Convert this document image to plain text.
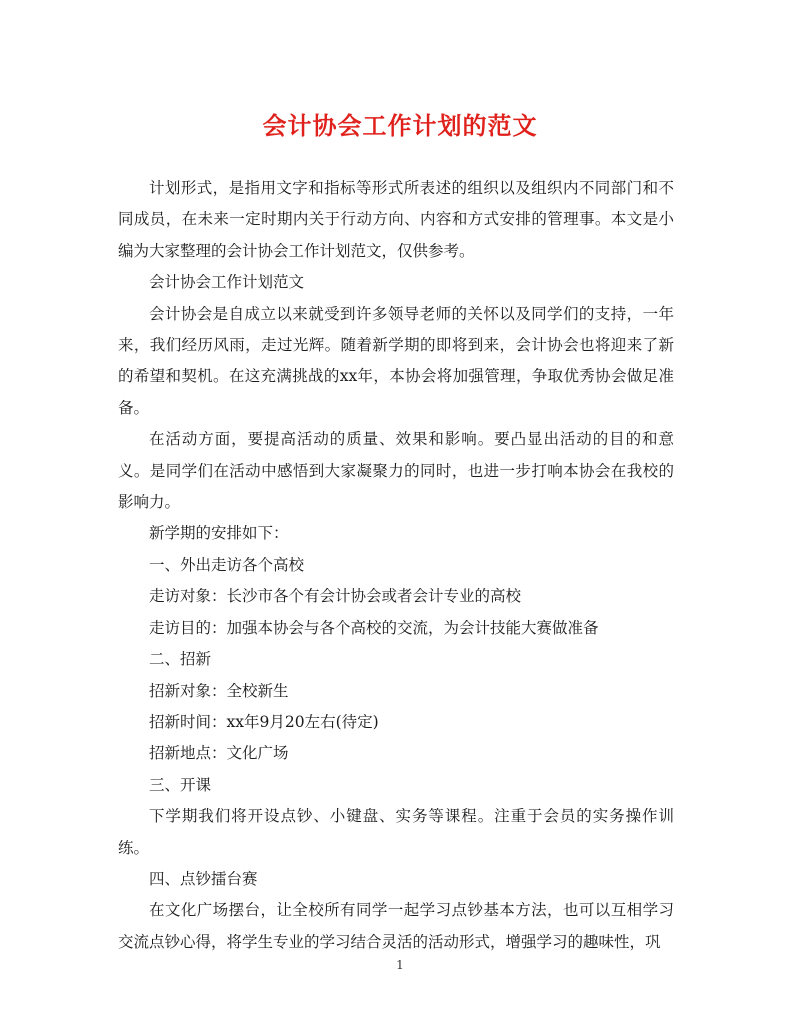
会计协会工作计划的范文

计划形式，是指用文字和指标等形式所表述的组织以及组织内不同部门和不同成员，在未来一定时期内关于行动方向、内容和方式安排的管理事。本文是小编为大家整理的会计协会工作计划范文，仅供参考。

会计协会工作计划范文

会计协会是自成立以来就受到许多领导老师的关怀以及同学们的支持，一年来，我们经历风雨，走过光辉。随着新学期的即将到来，会计协会也将迎来了新的希望和契机。在这充满挑战的xx年，本协会将加强管理，争取优秀协会做足准备。

在活动方面，要提高活动的质量、效果和影响。要凸显出活动的目的和意义。是同学们在活动中感悟到大家凝聚力的同时，也进一步打响本协会在我校的影响力。

新学期的安排如下：

一、外出走访各个高校

走访对象：长沙市各个有会计协会或者会计专业的高校

走访目的：加强本协会与各个高校的交流，为会计技能大赛做准备

二、招新

招新对象：全校新生

招新时间：xx年9月20左右(待定)

招新地点：文化广场

三、开课

下学期我们将开设点钞、小键盘、实务等课程。注重于会员的实务操作训练。

四、点钞擂台赛

在文化广场摆台，让全校所有同学一起学习点钞基本方法，也可以互相学习交流点钞心得，将学生专业的学习结合灵活的活动形式，增强学习的趣味性，巩

1
